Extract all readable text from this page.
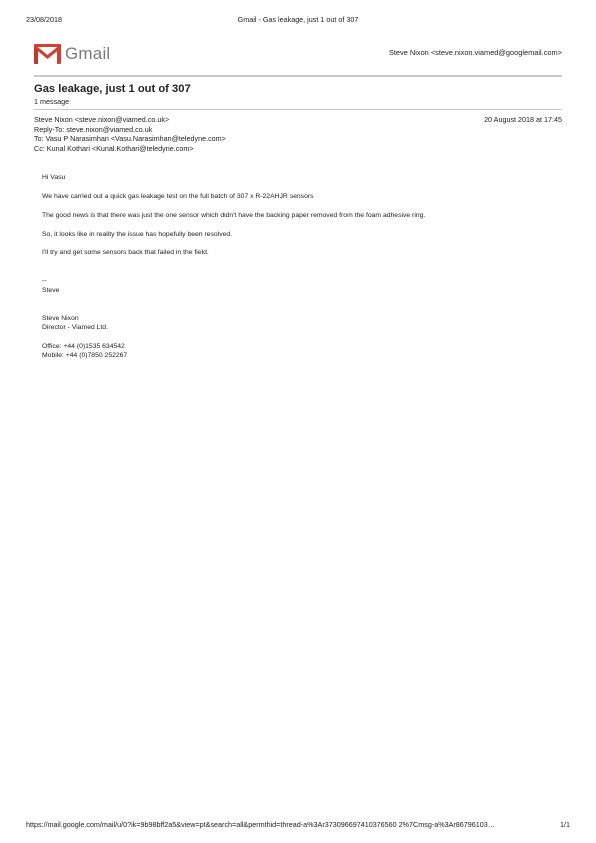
23/08/2018	Gmail - Gas leakage, just 1 out of 307
Gmail	Steve Nixon <steve.nixon.viamed@googlemail.com>
Gas leakage, just 1 out of 307
1 message
Steve Nixon <steve.nixon@viamed.co.uk>	20 August 2018 at 17:45
Reply-To: steve.nixon@viamed.co.uk
To: Vasu P Narasimhan <Vasu.Narasimhan@teledyne.com>
Cc: Kunal Kothari <Kunal.Kothari@teledyne.com>
Hi Vasu
We have carried out a quick gas leakage test on the full batch of 307 x R-22AHJR sensors
The good news is that there was just the one sensor which didn't have the backing paper removed from the foam adhesive ring.
So, it looks like in reality the issue has hopefully been resolved.
I'll try and get some sensors back that failed in the field.
--
Steve
Steve Nixon
Director - Viamed Ltd.
Office: +44 (0)1535 634542
Mobile: +44 (0)7850 252267
https://mail.google.com/mail/u/0?ik=9b98bff2a5&view=pt&search=all&permthid=thread-a%3Ar373096697410376560 2%7Cmsg-a%3Ar86796103…	1/1
